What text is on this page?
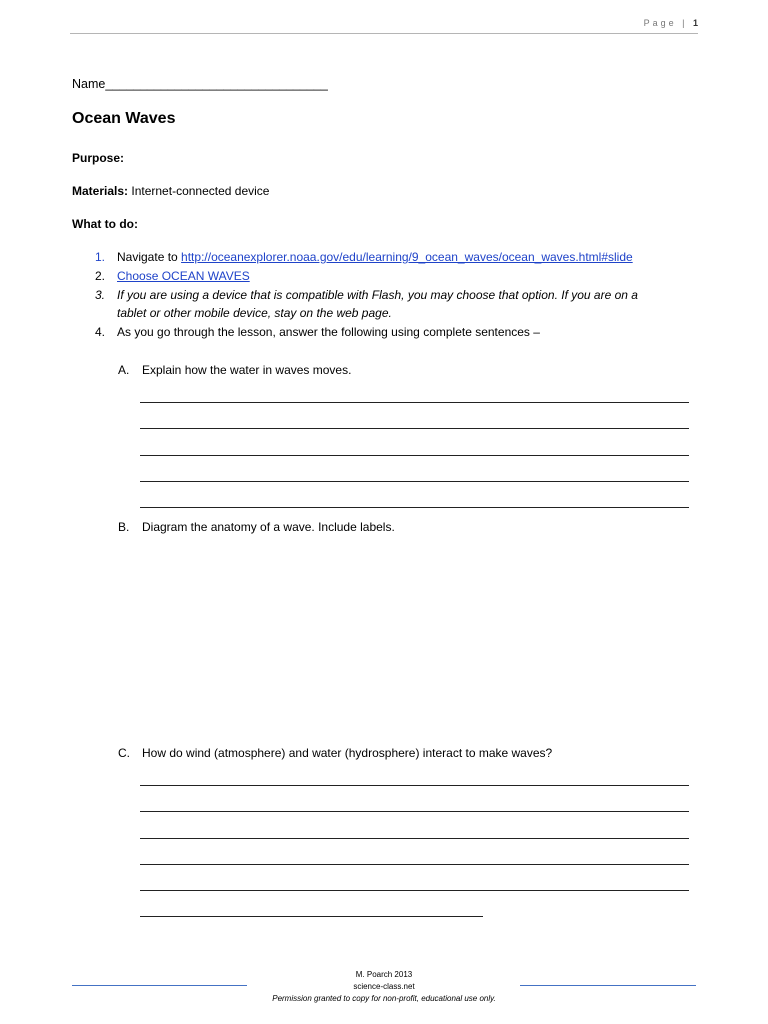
Page | 1
Name________________________________
Ocean Waves
Purpose:
Materials: Internet-connected device
What to do:
1. Navigate to http://oceanexplorer.noaa.gov/edu/learning/9_ocean_waves/ocean_waves.html#slide
2. Choose OCEAN WAVES
3. If you are using a device that is compatible with Flash, you may choose that option. If you are on a
tablet or other mobile device, stay on the web page.
4. As you go through the lesson, answer the following using complete sentences –
A. Explain how the water in waves moves.
B. Diagram the anatomy of a wave. Include labels.
C. How do wind (atmosphere) and water (hydrosphere) interact to make waves?
M. Poarch 2013
science-class.net
Permission granted to copy for non-profit, educational use only.
